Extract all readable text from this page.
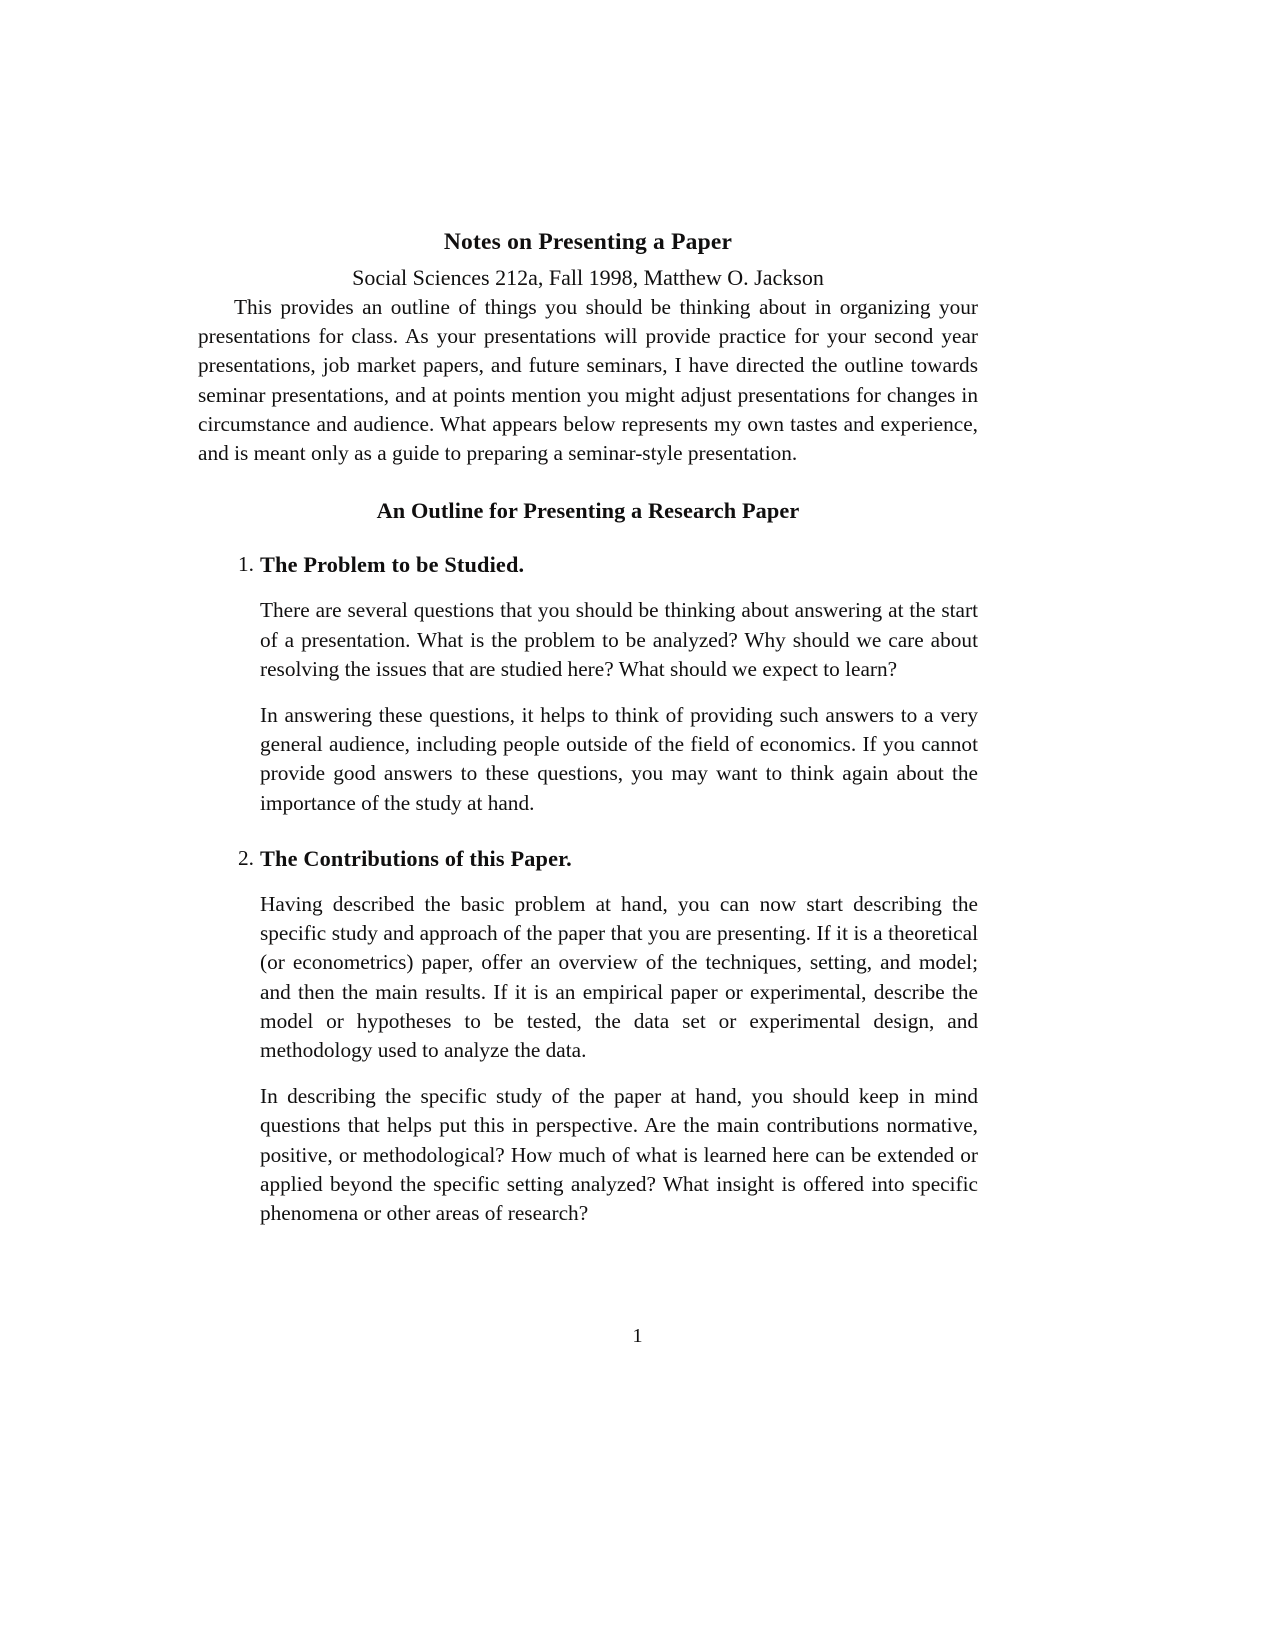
Notes on Presenting a Paper
Social Sciences 212a, Fall 1998, Matthew O. Jackson

This provides an outline of things you should be thinking about in organizing your presentations for class. As your presentations will provide practice for your second year presentations, job market papers, and future seminars, I have directed the outline towards seminar presentations, and at points mention you might adjust presentations for changes in circumstance and audience. What appears below represents my own tastes and experience, and is meant only as a guide to preparing a seminar-style presentation.

An Outline for Presenting a Research Paper
1. The Problem to be Studied.

There are several questions that you should be thinking about answering at the start of a presentation. What is the problem to be analyzed? Why should we care about resolving the issues that are studied here? What should we expect to learn?

In answering these questions, it helps to think of providing such answers to a very general audience, including people outside of the field of economics. If you cannot provide good answers to these questions, you may want to think again about the importance of the study at hand.

2. The Contributions of this Paper.

Having described the basic problem at hand, you can now start describing the specific study and approach of the paper that you are presenting. If it is a theoretical (or econometrics) paper, offer an overview of the techniques, setting, and model; and then the main results. If it is an empirical paper or experimental, describe the model or hypotheses to be tested, the data set or experimental design, and methodology used to analyze the data.

In describing the specific study of the paper at hand, you should keep in mind questions that helps put this in perspective. Are the main contributions normative, positive, or methodological? How much of what is learned here can be extended or applied beyond the specific setting analyzed? What insight is offered into specific phenomena or other areas of research?

1
